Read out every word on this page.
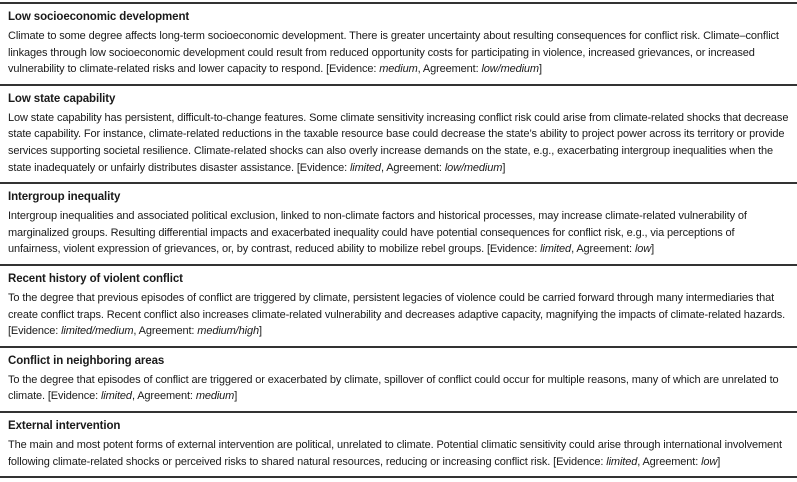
Low socioeconomic development
Climate to some degree affects long-term socioeconomic development. There is greater uncertainty about resulting consequences for conflict risk. Climate–conflict linkages through low socioeconomic development could result from reduced opportunity costs for participating in violence, increased grievances, or increased vulnerability to climate-related risks and lower capacity to respond. [Evidence: medium, Agreement: low/medium]
Low state capability
Low state capability has persistent, difficult-to-change features. Some climate sensitivity increasing conflict risk could arise from climate-related shocks that decrease state capability. For instance, climate-related reductions in the taxable resource base could decrease the state’s ability to project power across its territory or provide services supporting societal resilience. Climate-related shocks can also overly increase demands on the state, e.g., exacerbating intergroup inequalities when the state inadequately or unfairly distributes disaster assistance. [Evidence: limited, Agreement: low/medium]
Intergroup inequality
Intergroup inequalities and associated political exclusion, linked to non-climate factors and historical processes, may increase climate-related vulnerability of marginalized groups. Resulting differential impacts and exacerbated inequality could have potential consequences for conflict risk, e.g., via perceptions of unfairness, violent expression of grievances, or, by contrast, reduced ability to mobilize rebel groups. [Evidence: limited, Agreement: low]
Recent history of violent conflict
To the degree that previous episodes of conflict are triggered by climate, persistent legacies of violence could be carried forward through many intermediaries that create conflict traps. Recent conflict also increases climate-related vulnerability and decreases adaptive capacity, magnifying the impacts of climate-related hazards. [Evidence: limited/medium, Agreement: medium/high]
Conflict in neighboring areas
To the degree that episodes of conflict are triggered or exacerbated by climate, spillover of conflict could occur for multiple reasons, many of which are unrelated to climate. [Evidence: limited, Agreement: medium]
External intervention
The main and most potent forms of external intervention are political, unrelated to climate. Potential climatic sensitivity could arise through international involvement following climate-related shocks or perceived risks to shared natural resources, reducing or increasing conflict risk. [Evidence: limited, Agreement: low]
